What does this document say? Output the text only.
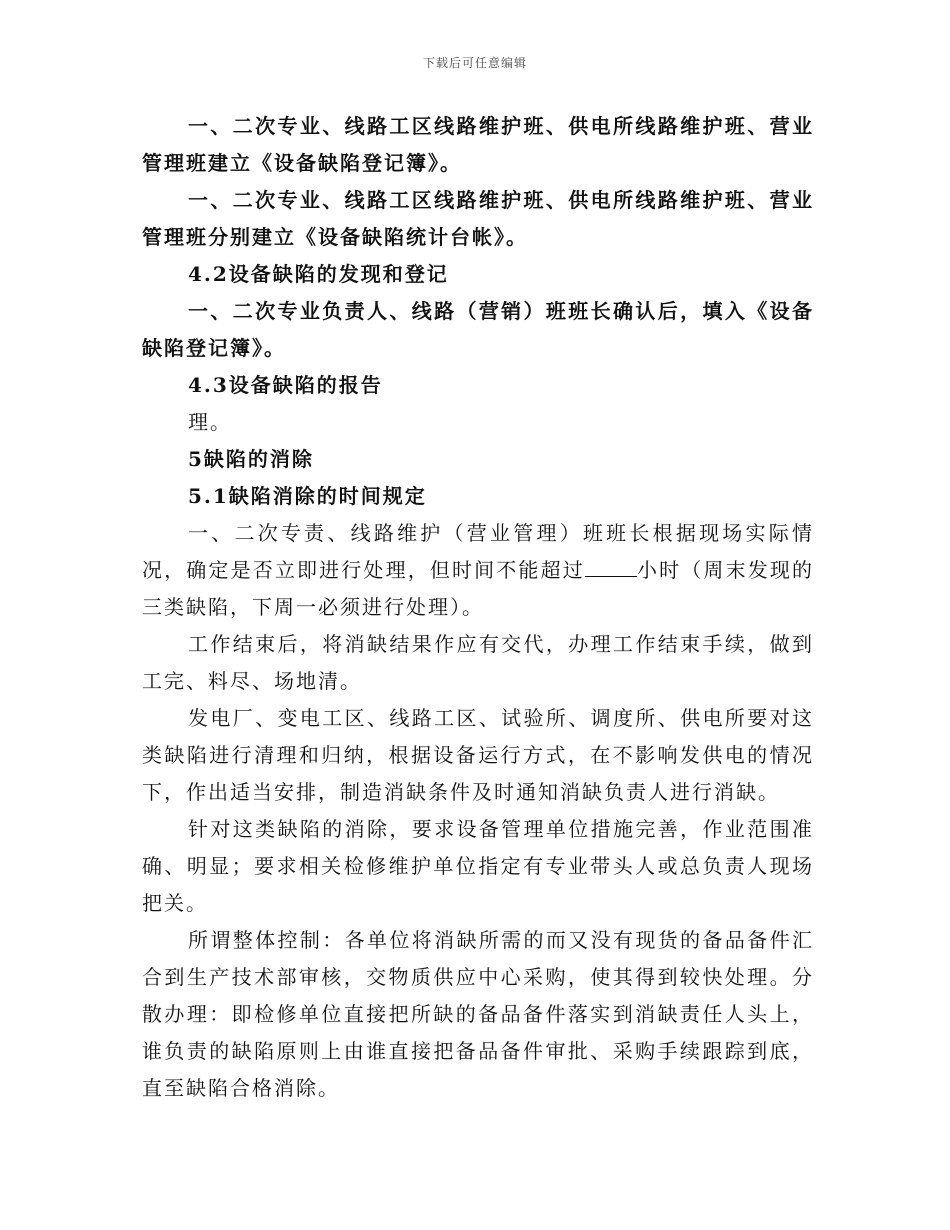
下载后可任意编辑

一、二次专业、线路工区线路维护班、供电所线路维护班、营业管理班建立《设备缺陷登记簿》。

一、二次专业、线路工区线路维护班、供电所线路维护班、营业管理班分别建立《设备缺陷统计台帐》。

4.2设备缺陷的发现和登记

一、二次专业负责人、线路（营销）班班长确认后，填入《设备缺陷登记簿》。

4.3设备缺陷的报告

理。

5缺陷的消除

5.1缺陷消除的时间规定

一、二次专责、线路维护（营业管理）班班长根据现场实际情况，确定是否立即进行处理，但时间不能超过	小时（周末发现的三类缺陷，下周一必须进行处理）。

工作结束后，将消缺结果作应有交代，办理工作结束手续，做到工完、料尽、场地清。

发电厂、变电工区、线路工区、试验所、调度所、供电所要对这类缺陷进行清理和归纳，根据设备运行方式，在不影响发供电的情况下，作出适当安排，制造消缺条件及时通知消缺负责人进行消缺。

针对这类缺陷的消除，要求设备管理单位措施完善，作业范围准确、明显；要求相关检修维护单位指定有专业带头人或总负责人现场把关。

所谓整体控制：各单位将消缺所需的而又没有现货的备品备件汇合到生产技术部审核，交物质供应中心采购，使其得到较快处理。分散办理：即检修单位直接把所缺的备品备件落实到消缺责任人头上，谁负责的缺陷原则上由谁直接把备品备件审批、采购手续跟踪到底，直至缺陷合格消除。
